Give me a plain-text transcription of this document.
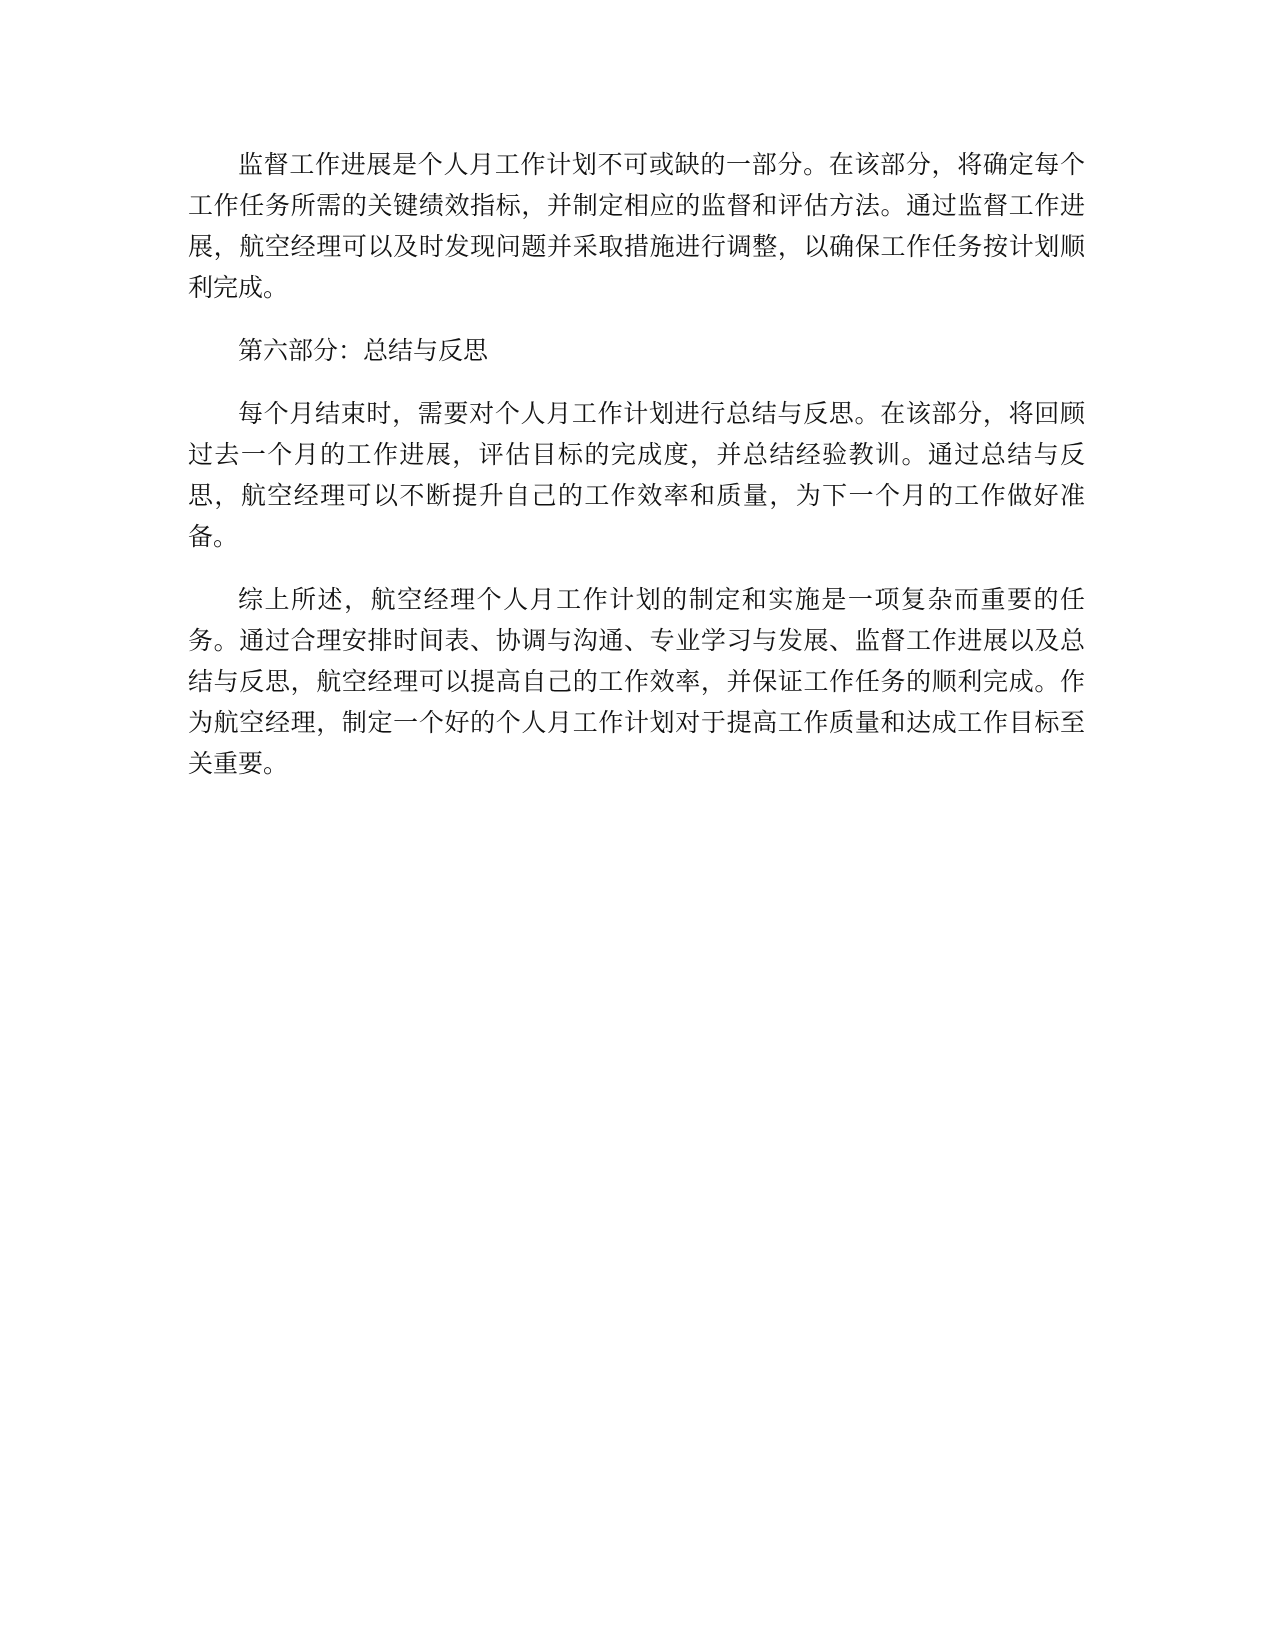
监督工作进展是个人月工作计划不可或缺的一部分。在该部分，将确定每个工作任务所需的关键绩效指标，并制定相应的监督和评估方法。通过监督工作进展，航空经理可以及时发现问题并采取措施进行调整，以确保工作任务按计划顺利完成。

第六部分：总结与反思

每个月结束时，需要对个人月工作计划进行总结与反思。在该部分，将回顾过去一个月的工作进展，评估目标的完成度，并总结经验教训。通过总结与反思，航空经理可以不断提升自己的工作效率和质量，为下一个月的工作做好准备。

综上所述，航空经理个人月工作计划的制定和实施是一项复杂而重要的任务。通过合理安排时间表、协调与沟通、专业学习与发展、监督工作进展以及总结与反思，航空经理可以提高自己的工作效率，并保证工作任务的顺利完成。作为航空经理，制定一个好的个人月工作计划对于提高工作质量和达成工作目标至关重要。
